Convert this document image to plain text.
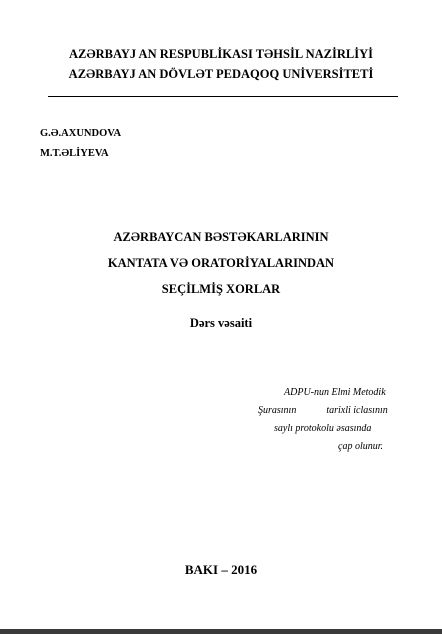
AZƏRBAYJ AN RESPUBLİKASI TƏHSİL NAZİRLİYİ
AZƏRBAYJ AN DÖVLƏT PEDAQOQ UNİVERSİTETİ
G.Ə.AXUNDOVA
M.T.ƏLİYEVA
AZƏRBAYCAN BƏSTƏKARLARININ
KANTATA VƏ ORATORİYALARINDAN
SEÇİLMİŞ XORLAR
Dərs vəsaiti
ADPU-nun Elmi Metodik
Şurasının            tarixli iclasının
saylı protokolu əsasında
çap olunur.
BAKI – 2016
